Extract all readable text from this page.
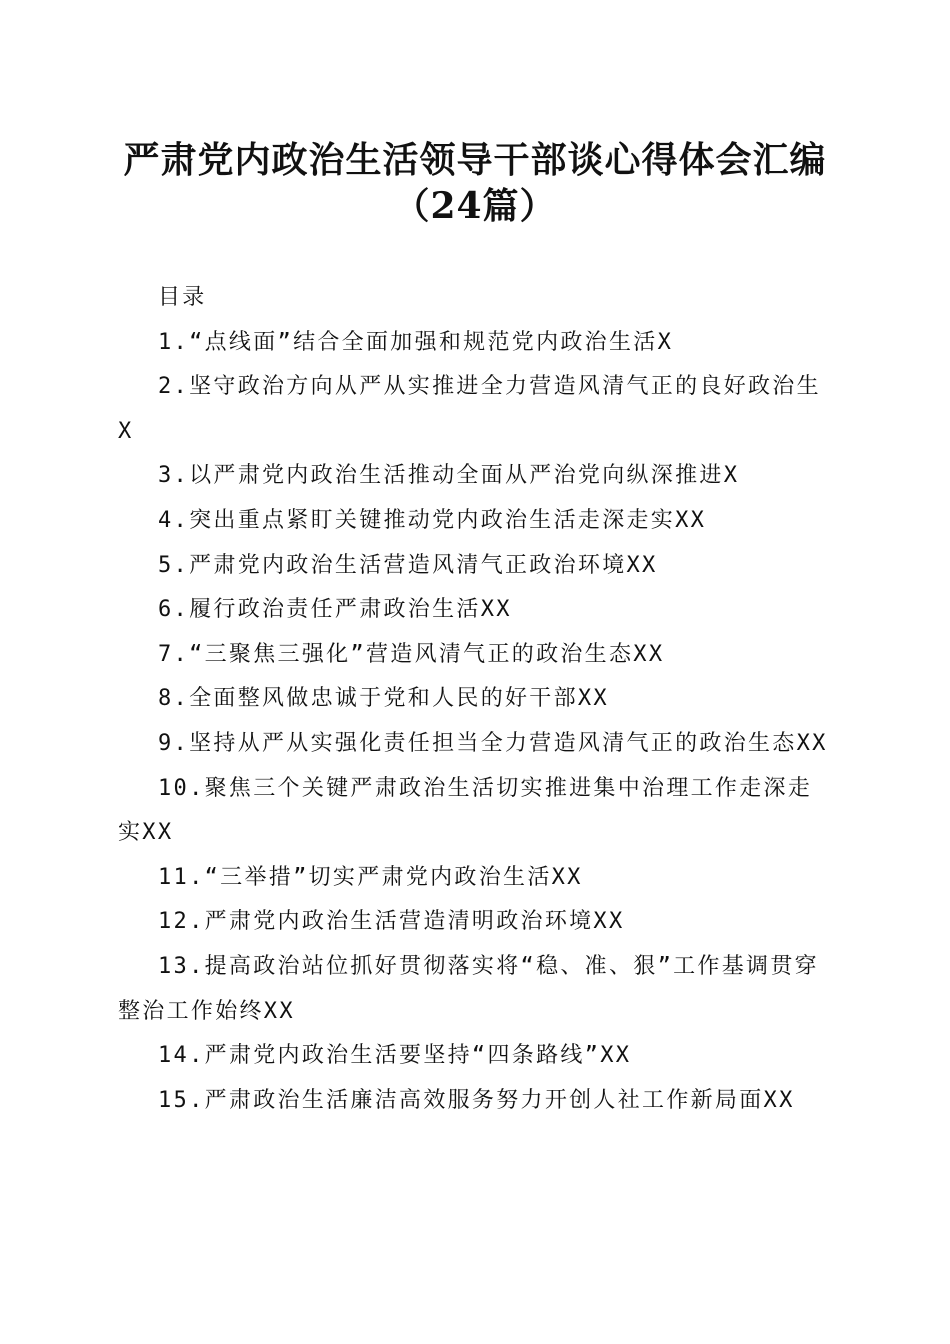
严肃党内政治生活领导干部谈心得体会汇编
（24篇）

目录

1.“点线面”结合全面加强和规范党内政治生活X

2.坚守政治方向从严从实推进全力营造风清气正的良好政治生X

3.以严肃党内政治生活推动全面从严治党向纵深推进X

4.突出重点紧盯关键推动党内政治生活走深走实XX

5.严肃党内政治生活营造风清气正政治环境XX

6.履行政治责任严肃政治生活XX

7.“三聚焦三强化”营造风清气正的政治生态XX

8.全面整风做忠诚于党和人民的好干部XX

9.坚持从严从实强化责任担当全力营造风清气正的政治生态XX

10.聚焦三个关键严肃政治生活切实推进集中治理工作走深走实XX

11.“三举措”切实严肃党内政治生活XX

12.严肃党内政治生活营造清明政治环境XX

13.提高政治站位抓好贯彻落实将“稳、准、狠”工作基调贯穿整治工作始终XX

14.严肃党内政治生活要坚持“四条路线”XX

15.严肃政治生活廉洁高效服务努力开创人社工作新局面XX
